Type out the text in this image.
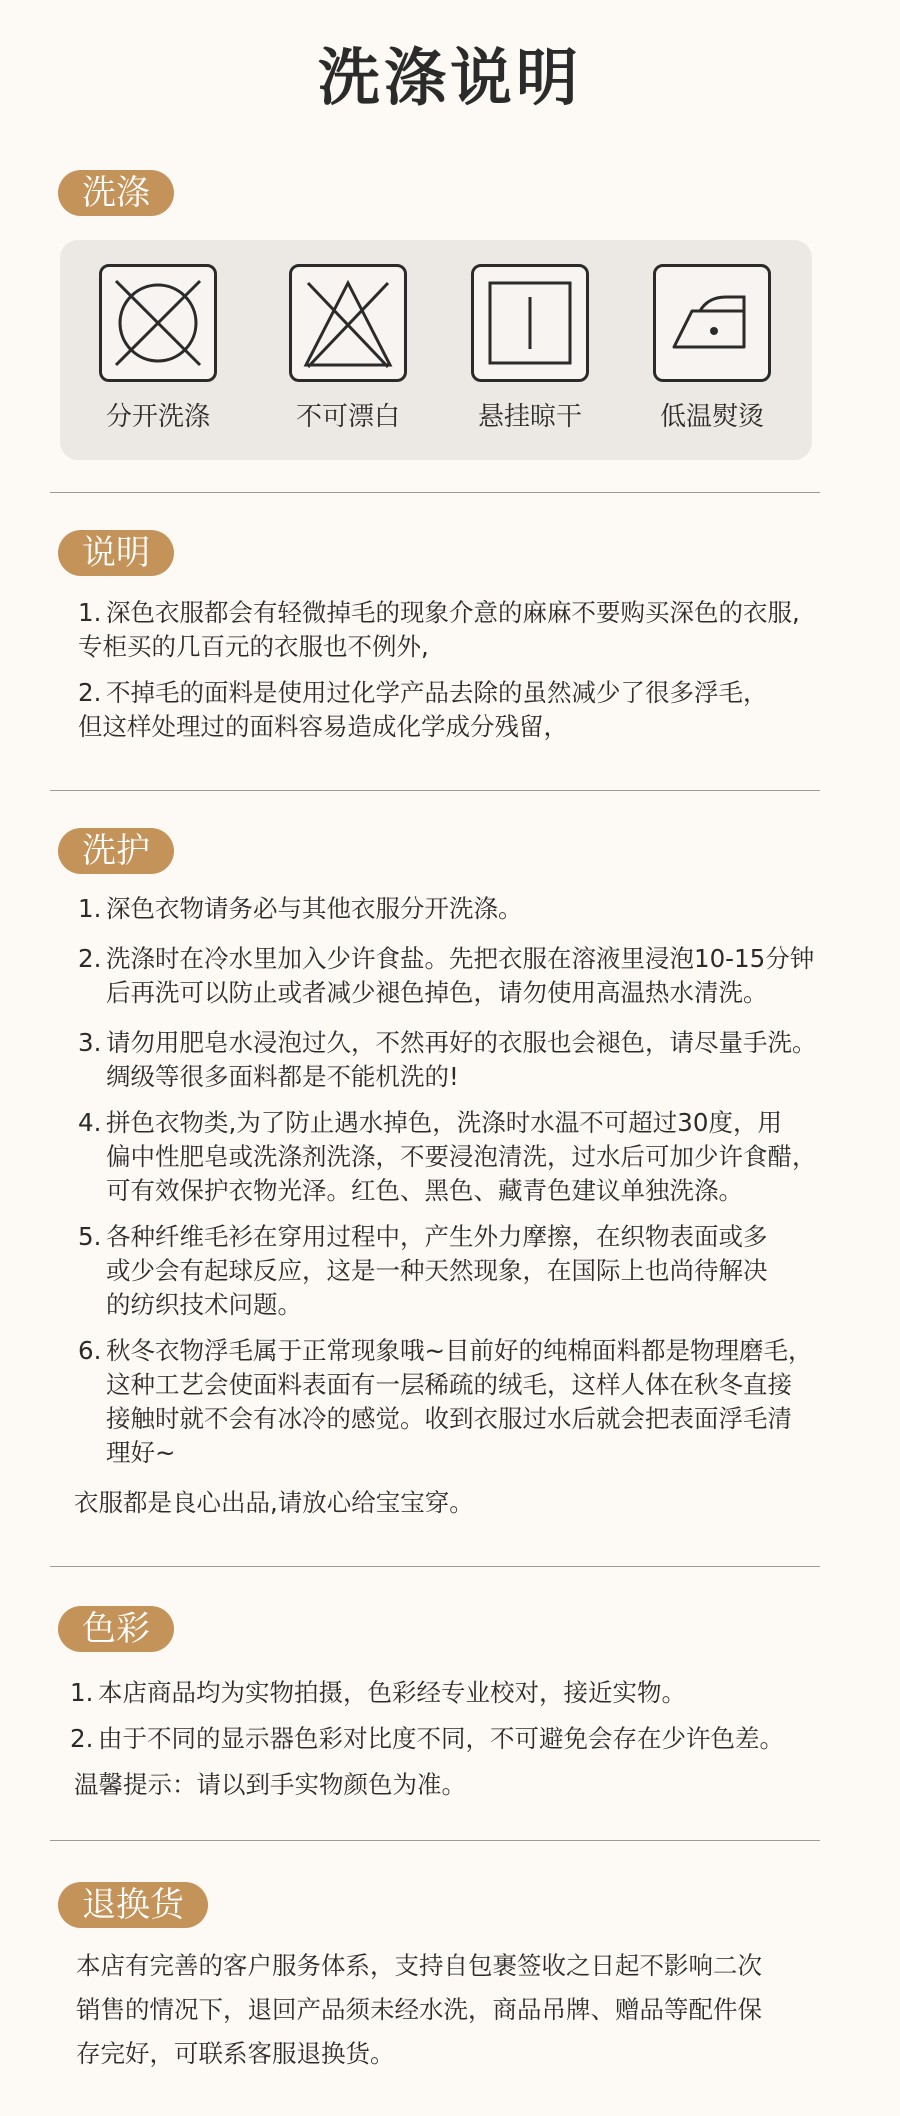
洗涤说明
洗涤
分开洗涤	不可漂白	悬挂晾干	低温熨烫
说明
1. 深色衣服都会有轻微掉毛的现象介意的麻麻不要购买深色的衣服,
专柜买的几百元的衣服也不例外,
2. 不掉毛的面料是使用过化学产品去除的虽然减少了很多浮毛，
但这样处理过的面料容易造成化学成分残留，
洗护
1. 深色衣物请务必与其他衣服分开洗涤。
2. 洗涤时在冷水里加入少许食盐。先把衣服在溶液里浸泡10-15分钟
后再洗可以防止或者减少褪色掉色，请勿使用高温热水清洗。
3. 请勿用肥皂水浸泡过久，不然再好的衣服也会褪色，请尽量手洗。
绸级等很多面料都是不能机洗的!
4. 拼色衣物类,为了防止遇水掉色，洗涤时水温不可超过30度，用
偏中性肥皂或洗涤剂洗涤，不要浸泡清洗，过水后可加少许食醋，
可有效保护衣物光泽。红色、黑色、藏青色建议单独洗涤。
5. 各种纤维毛衫在穿用过程中，产生外力摩擦，在织物表面或多
或少会有起球反应，这是一种天然现象，在国际上也尚待解决
的纺织技术问题。
6. 秋冬衣物浮毛属于正常现象哦~目前好的纯棉面料都是物理磨毛，
这种工艺会使面料表面有一层稀疏的绒毛，这样人体在秋冬直接
接触时就不会有冰冷的感觉。收到衣服过水后就会把表面浮毛清
理好~
衣服都是良心出品,请放心给宝宝穿。
色彩
1. 本店商品均为实物拍摄，色彩经专业校对，接近实物。
2. 由于不同的显示器色彩对比度不同，不可避免会存在少许色差。
温馨提示：请以到手实物颜色为准。
退换货
本店有完善的客户服务体系，支持自包裹签收之日起不影响二次
销售的情况下，退回产品须未经水洗，商品吊牌、赠品等配件保
存完好，可联系客服退换货。
